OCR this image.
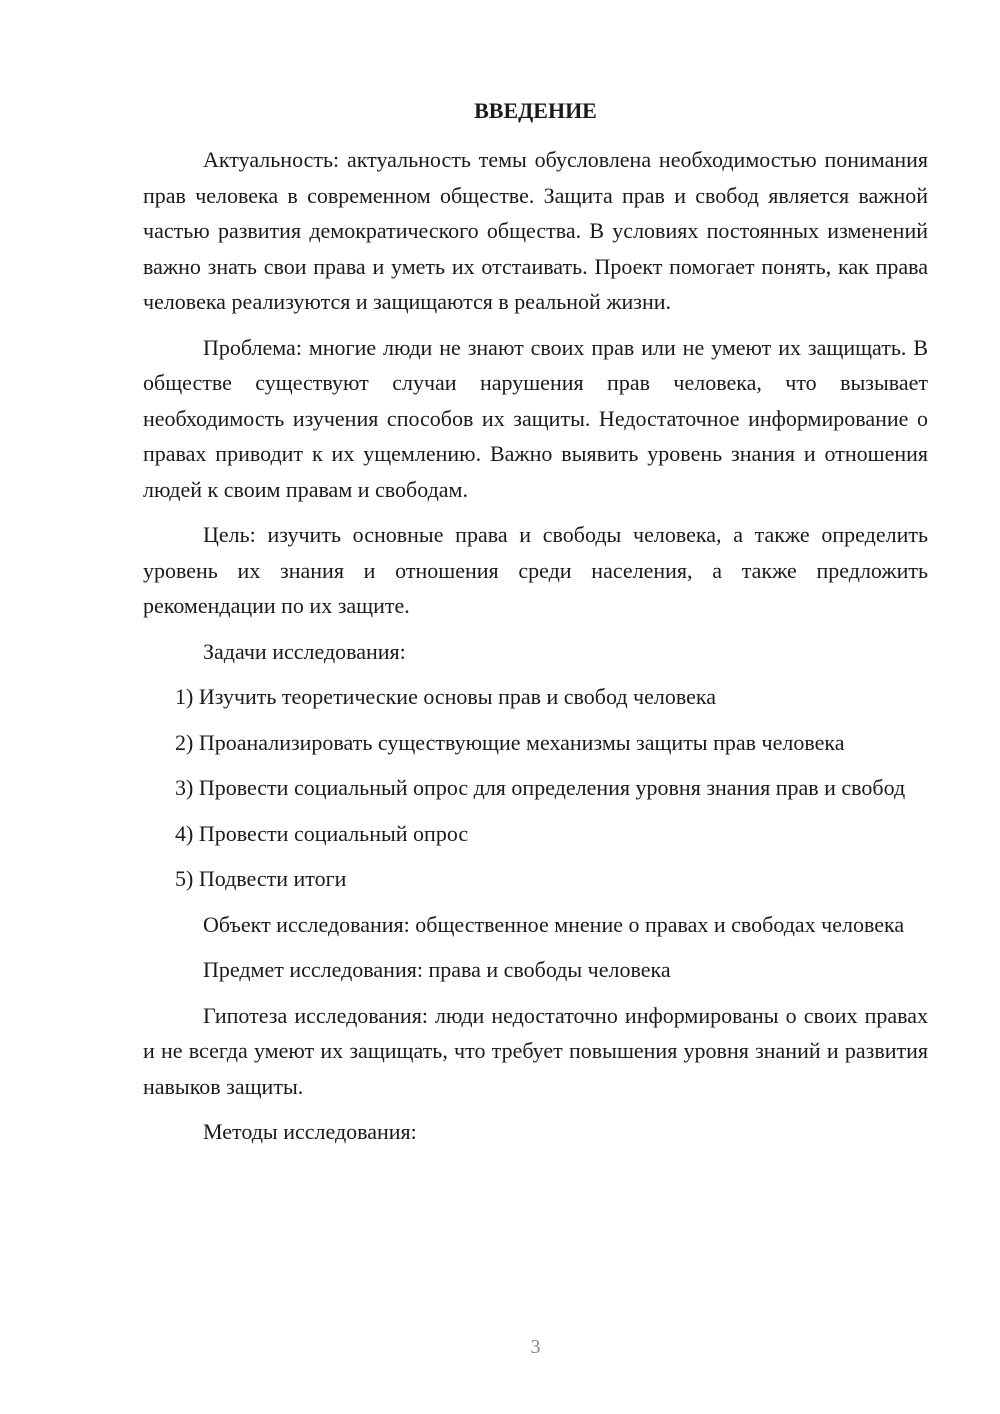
ВВЕДЕНИЕ

Актуальность: актуальность темы обусловлена необходимостью понимания прав человека в современном обществе. Защита прав и свобод является важной частью развития демократического общества. В условиях постоянных изменений важно знать свои права и уметь их отстаивать. Проект помогает понять, как права человека реализуются и защищаются в реальной жизни.

Проблема: многие люди не знают своих прав или не умеют их защищать. В обществе существуют случаи нарушения прав человека, что вызывает необходимость изучения способов их защиты. Недостаточное информирование о правах приводит к их ущемлению. Важно выявить уровень знания и отношения людей к своим правам и свободам.

Цель: изучить основные права и свободы человека, а также определить уровень их знания и отношения среди населения, а также предложить рекомендации по их защите.

Задачи исследования:

1) Изучить теоретические основы прав и свобод человека

2) Проанализировать существующие механизмы защиты прав человека

3) Провести социальный опрос для определения уровня знания прав и свобод

4) Провести социальный опрос

5) Подвести итоги

Объект исследования: общественное мнение о правах и свободах человека

Предмет исследования: права и свободы человека

Гипотеза исследования: люди недостаточно информированы о своих правах и не всегда умеют их защищать, что требует повышения уровня знаний и развития навыков защиты.

Методы исследования:

3
